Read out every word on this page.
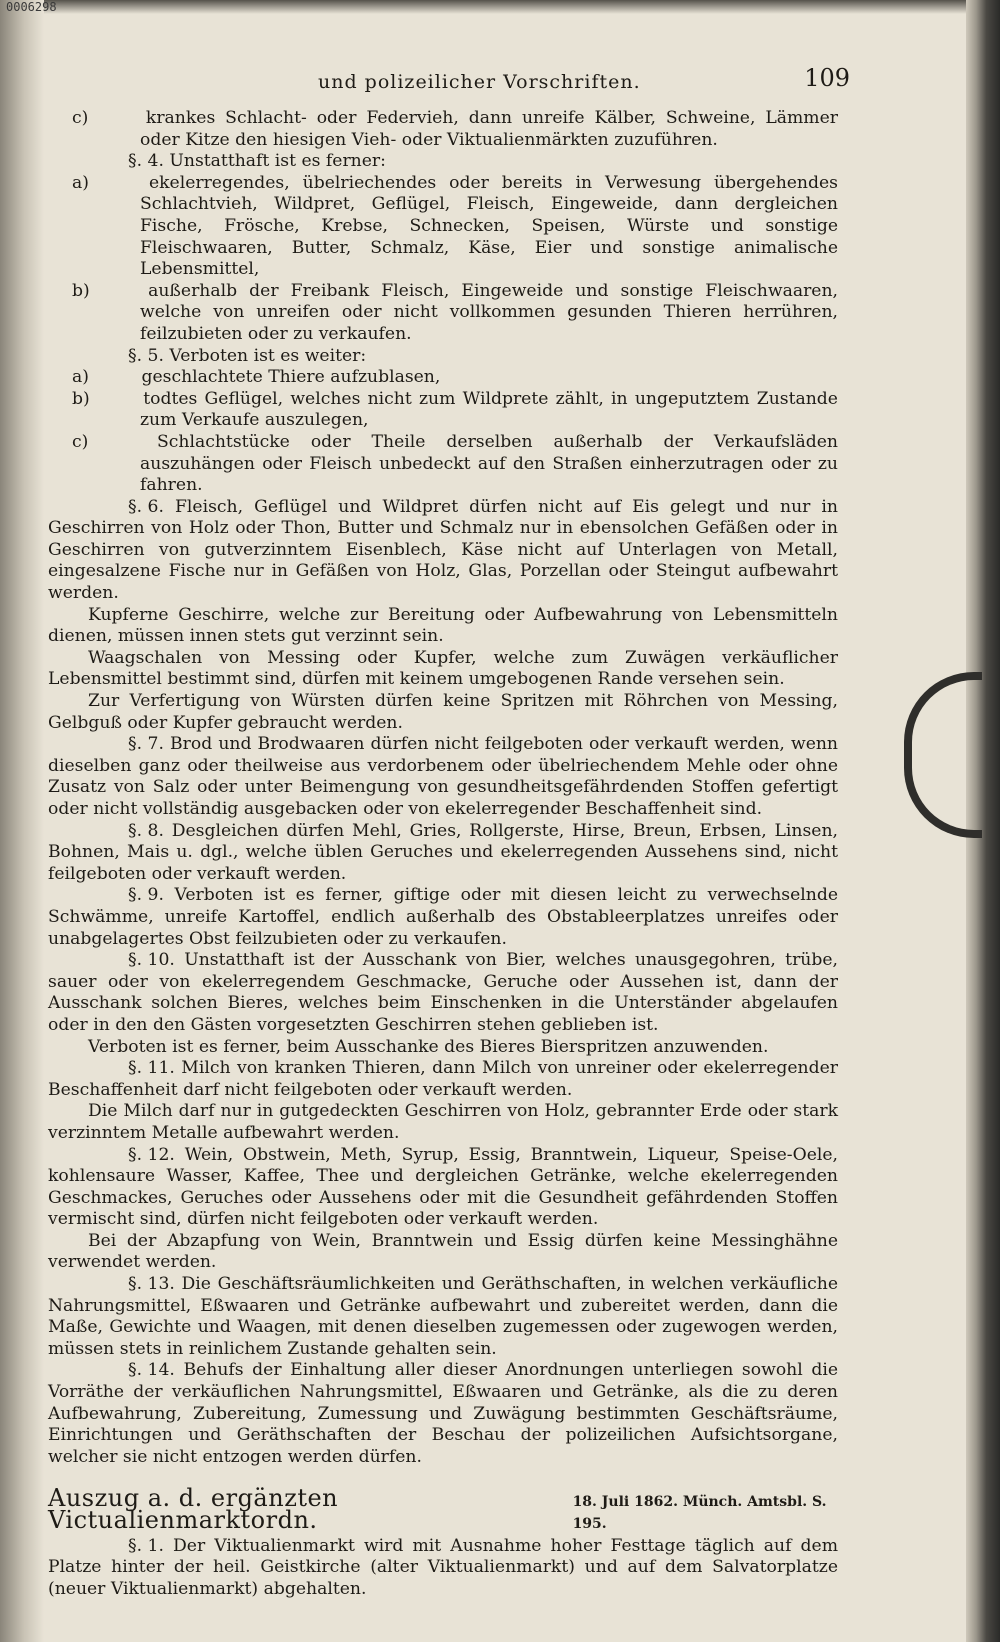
0006298
und polizeilicher Vorschriften.	109

c)	krankes Schlacht- oder Federvieh, dann unreife Kälber, Schweine, Lämmer oder Kitze den hiesigen Vieh- oder Viktualienmärkten zuzuführen.

§. 4. Unstatthaft ist es ferner:

a)	ekelerregendes, übelriechendes oder bereits in Verwesung übergehendes Schlachtvieh, Wildpret, Geflügel, Fleisch, Eingeweide, dann dergleichen Fische, Frösche, Krebse, Schnecken, Speisen, Würste und sonstige Fleischwaaren, Butter, Schmalz, Käse, Eier und sonstige animalische Lebensmittel,

b)	außerhalb der Freibank Fleisch, Eingeweide und sonstige Fleischwaaren, welche von unreifen oder nicht vollkommen gesunden Thieren herrühren, feilzubieten oder zu verkaufen.

§. 5. Verboten ist es weiter:

a)	geschlachtete Thiere aufzublasen,

b)	todtes Geflügel, welches nicht zum Wildprete zählt, in ungeputztem Zustande zum Verkaufe auszulegen,

c)	Schlachtstücke oder Theile derselben außerhalb der Verkaufsläden auszuhängen oder Fleisch unbedeckt auf den Straßen einherzutragen oder zu fahren.

§. 6. Fleisch, Geflügel und Wildpret dürfen nicht auf Eis gelegt und nur in Geschirren von Holz oder Thon, Butter und Schmalz nur in ebensolchen Gefäßen oder in Geschirren von gutverzinntem Eisenblech, Käse nicht auf Unterlagen von Metall, eingesalzene Fische nur in Gefäßen von Holz, Glas, Porzellan oder Steingut aufbewahrt werden.

Kupferne Geschirre, welche zur Bereitung oder Aufbewahrung von Lebensmitteln dienen, müssen innen stets gut verzinnt sein.

Waagschalen von Messing oder Kupfer, welche zum Zuwägen verkäuflicher Lebensmittel bestimmt sind, dürfen mit keinem umgebogenen Rande versehen sein.

Zur Verfertigung von Würsten dürfen keine Spritzen mit Röhrchen von Messing, Gelbguß oder Kupfer gebraucht werden.

§. 7. Brod und Brodwaaren dürfen nicht feilgeboten oder verkauft werden, wenn dieselben ganz oder theilweise aus verdorbenem oder übelriechendem Mehle oder ohne Zusatz von Salz oder unter Beimengung von gesundheitsgefährdenden Stoffen gefertigt oder nicht vollständig ausgebacken oder von ekelerregender Beschaffenheit sind.

§. 8. Desgleichen dürfen Mehl, Gries, Rollgerste, Hirse, Breun, Erbsen, Linsen, Bohnen, Mais u. dgl., welche üblen Geruches und ekelerregenden Aussehens sind, nicht feilgeboten oder verkauft werden.

§. 9. Verboten ist es ferner, giftige oder mit diesen leicht zu verwechselnde Schwämme, unreife Kartoffel, endlich außerhalb des Obstableerplatzes unreifes oder unabgelagertes Obst feilzubieten oder zu verkaufen.

§. 10. Unstatthaft ist der Ausschank von Bier, welches unausgegohren, trübe, sauer oder von ekelerregendem Geschmacke, Geruche oder Aussehen ist, dann der Ausschank solchen Bieres, welches beim Einschenken in die Unterständer abgelaufen oder in den den Gästen vorgesetzten Geschirren stehen geblieben ist.

Verboten ist es ferner, beim Ausschanke des Bieres Bierspritzen anzuwenden.

§. 11. Milch von kranken Thieren, dann Milch von unreiner oder ekelerregender Beschaffenheit darf nicht feilgeboten oder verkauft werden.

Die Milch darf nur in gutgedeckten Geschirren von Holz, gebrannter Erde oder stark verzinntem Metalle aufbewahrt werden.

§. 12. Wein, Obstwein, Meth, Syrup, Essig, Branntwein, Liqueur, Speise-Oele, kohlensaure Wasser, Kaffee, Thee und dergleichen Getränke, welche ekelerregenden Geschmackes, Geruches oder Aussehens oder mit die Gesundheit gefährdenden Stoffen vermischt sind, dürfen nicht feilgeboten oder verkauft werden.

Bei der Abzapfung von Wein, Branntwein und Essig dürfen keine Messinghähne verwendet werden.

§. 13. Die Geschäftsräumlichkeiten und Geräthschaften, in welchen verkäufliche Nahrungsmittel, Eßwaaren und Getränke aufbewahrt und zubereitet werden, dann die Maße, Gewichte und Waagen, mit denen dieselben zugemessen oder zugewogen werden, müssen stets in reinlichem Zustande gehalten sein.

§. 14. Behufs der Einhaltung aller dieser Anordnungen unterliegen sowohl die Vorräthe der verkäuflichen Nahrungsmittel, Eßwaaren und Getränke, als die zu deren Aufbewahrung, Zubereitung, Zumessung und Zuwägung bestimmten Geschäftsräume, Einrichtungen und Geräthschaften der Beschau der polizeilichen Aufsichtsorgane, welcher sie nicht entzogen werden dürfen.

Auszug a. d. ergänzten Victualienmarktordn.
18. Juli 1862. Münch. Amtsbl. S. 195.

§. 1. Der Viktualienmarkt wird mit Ausnahme hoher Festtage täglich auf dem Platze hinter der heil. Geistkirche (alter Viktualienmarkt) und auf dem Salvatorplatze (neuer Viktualienmarkt) abgehalten.
